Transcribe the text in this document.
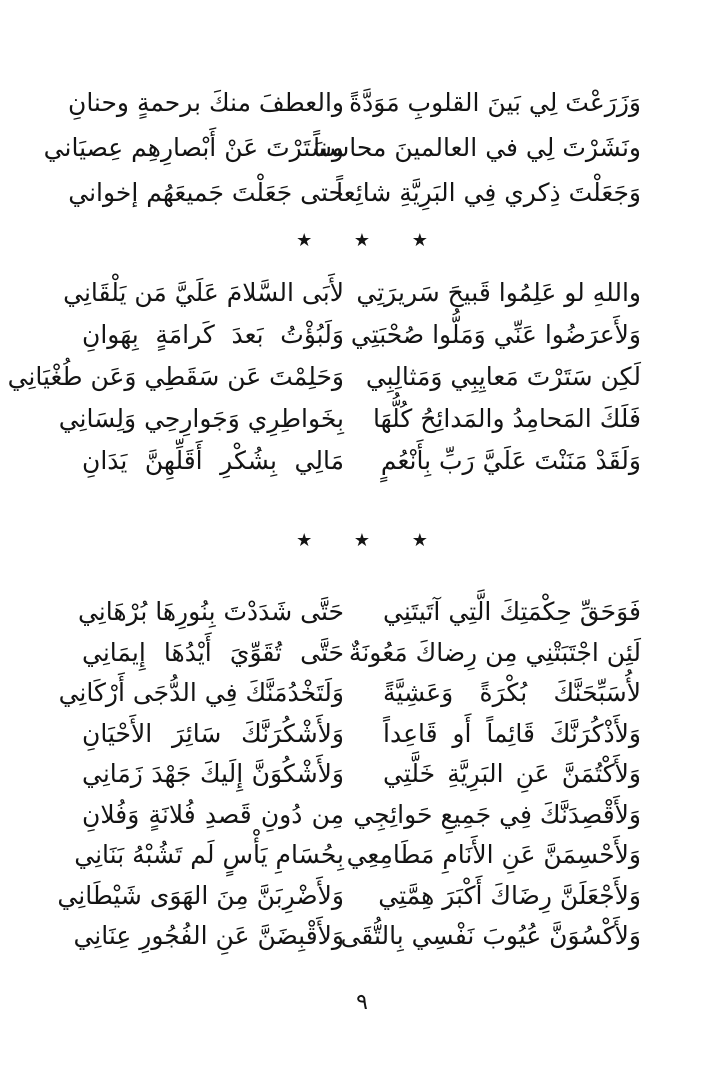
وَزَرَعْتَ لِي بَينَ القلوبِ مَوَدَّةً
والعطفَ منكَ برحمةٍ وحنانِ
ونَشَرْتَ لِي في العالمينَ محاسِناً
وسَتَرْتَ عَنْ أَبْصارِهِم عِصيَاني
وَجَعَلْتَ ذِكري فِي البَرِيَّةِ شائِعاً
حتى جَعَلْتَ جَميعَهُم إخواني
★ ★ ★
واللهِ لو عَلِمُوا قَبيحَ سَريرَتِي
لأَبَى السَّلامَ عَلَيَّ مَن يَلْقَانِي
وَلأَعرَضُوا عَنِّي وَمَلُّوا صُحْبَتِي
وَلَبُؤْتُ بَعدَ كَرامَةٍ بِهَوانِ
لَكِن سَتَرْتَ مَعايِبِي وَمَثالِبِي
وَحَلِمْتَ عَن سَقَطِي وَعَن طُغْيَانِي
فَلَكَ المَحامِدُ والمَدائِحُ كُلُّهَا
بِخَواطِرِي وَجَوارِحِي وَلِسَانِي
وَلَقَدْ مَنَنْتَ عَلَيَّ رَبِّ بِأَنْعُمٍ
مَالِي بِشُكْرِ أَقَلِّهِنَّ يَدَانِ
★ ★ ★
فَوَحَقِّ حِكْمَتِكَ الَّتِي آتَيتَنِي
حَتَّى شَدَدْتَ بِنُورِهَا بُرْهَانِي
لَئِن اجْتَبَتْنِي مِن رِضاكَ مَعُونَةٌ
حَتَّى تُقَوِّيَ أَيْدُهَا إِيمَانِي
لأُسَبِّحَنَّكَ بُكْرَةً وَعَشِيَّةً
وَلَتَخْدُمَنَّكَ فِي الدُّجَى أَرْكَانِي
وَلأَذْكُرَنَّكَ قَائِماً أَو قَاعِداً
وَلأَشْكُرَنَّكَ سَائِرَ الأَحْيَانِ
وَلأَكْتُمَنَّ عَنِ البَرِيَّةِ خَلَّتِي
وَلأَشْكُوَنَّ إِلَيكَ جَهْدَ زَمَانِي
وَلأَقْصِدَنَّكَ فِي جَمِيعِ حَوائِجِي
مِن دُونِ قَصدِ فُلانَةٍ وَفُلانِ
وَلأَحْسِمَنَّ عَنِ الأَنَامِ مَطَامِعِي
بِحُسَامِ يَأْسٍ لَم تَشُبْهُ بَنَانِي
وَلأَجْعَلَنَّ رِضَاكَ أَكْبَرَ هِمَّتِي
وَلأَضْرِبَنَّ مِنَ الهَوَى شَيْطَانِي
وَلأَكْسُوَنَّ عُيُوبَ نَفْسِي بِالتُّقَى
وَلأَقْبِضَنَّ عَنِ الفُجُورِ عِنَانِي
٩
